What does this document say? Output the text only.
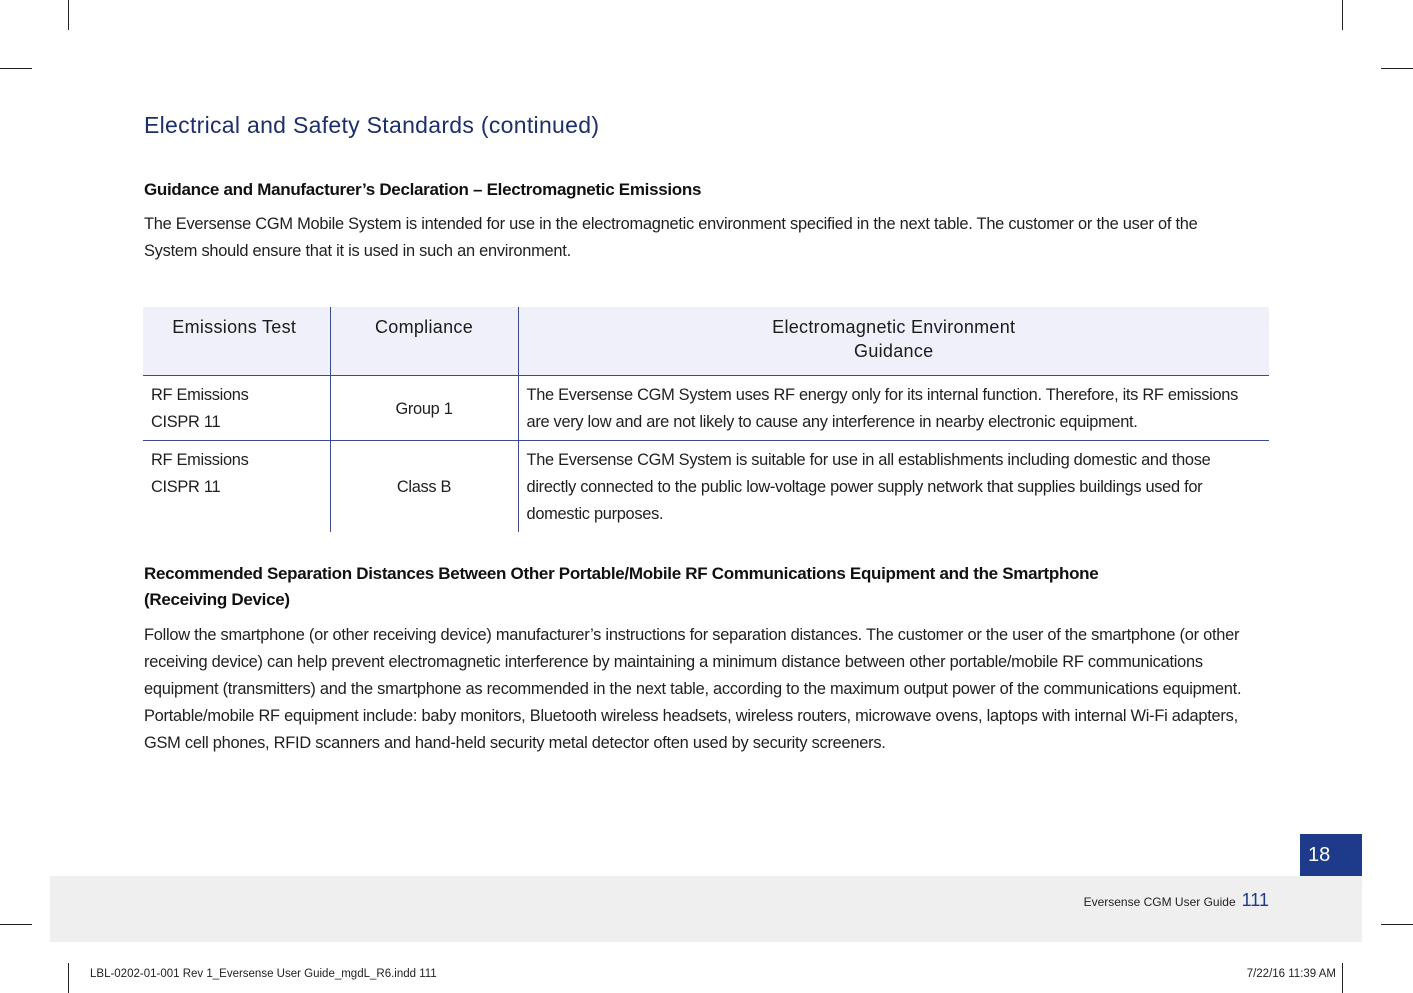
Electrical and Safety Standards (continued)
Guidance and Manufacturer’s Declaration – Electromagnetic Emissions

The Eversense CGM Mobile System is intended for use in the electromagnetic environment specified in the next table. The customer or the user of the System should ensure that it is used in such an environment.

Emissions Test	Compliance	Electromagnetic Environment
Guidance

RF Emissions
CISPR 11	Group 1	The Eversense CGM System uses RF energy only for its internal function. Therefore, its RF emissions are very low and are not likely to cause any interference in nearby electronic equipment.

RF Emissions
CISPR 11	Class B	The Eversense CGM System is suitable for use in all establishments including domestic and those directly connected to the public low-voltage power supply network that supplies buildings used for domestic purposes.
Recommended Separation Distances Between Other Portable/Mobile RF Communications Equipment and the Smartphone
(Receiving Device)

Follow the smartphone (or other receiving device) manufacturer’s instructions for separation distances. The customer or the user of the smartphone (or other receiving device) can help prevent electromagnetic interference by maintaining a minimum distance between other portable/mobile RF communications equipment (transmitters) and the smartphone as recommended in the next table, according to the maximum output power of the communications equipment. Portable/mobile RF equipment include: baby monitors, Bluetooth wireless headsets, wireless routers, microwave ovens, laptops with internal Wi-Fi adapters, GSM cell phones, RFID scanners and hand-held security metal detector often used by security screeners.

18
Eversense CGM User Guide 111
LBL-0202-01-001 Rev 1_Eversense User Guide_mgdL_R6.indd 111	7/22/16 11:39 AM
